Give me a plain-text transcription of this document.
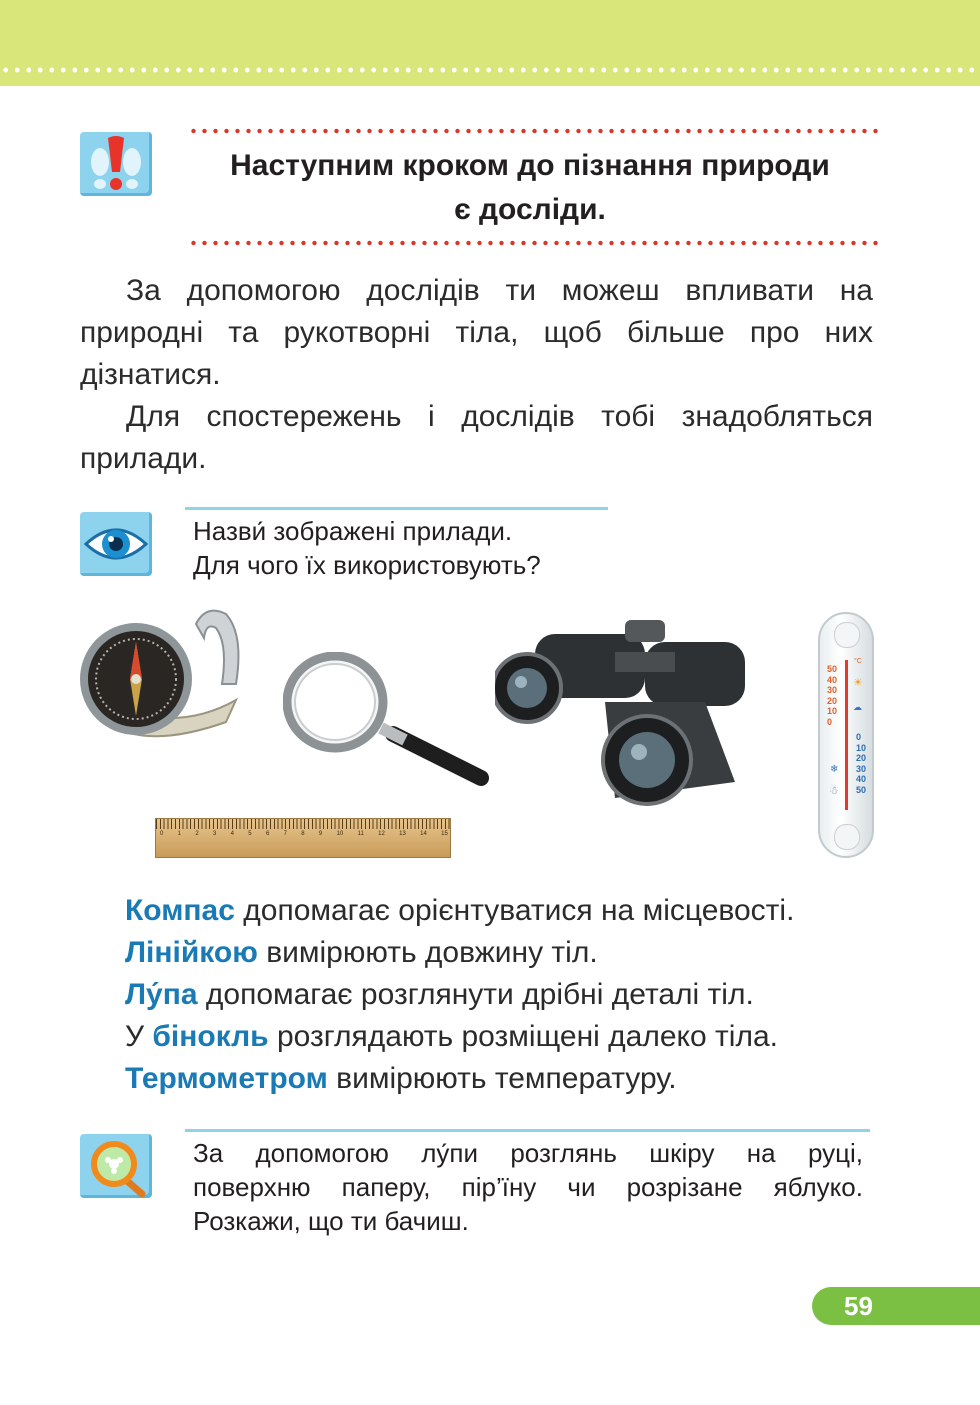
Наступним кроком до пізнання природи
є досліди.
За допомогою дослідів ти можеш впливати на природні та рукотворні тіла, щоб більше про них дізнатися.
Для спостережень і дослідів тобі знадобляться прилади.
Назви́ зображені прилади.
Для чого їх використовують?
0 1 2 3 4 5 6 7 8 9 10 11 12 13 14 15
50
40
30
20
10
0
°C
☀
☁
0
10
20
30
40
50
❄
☃
Компас допомагає орієнтуватися на місцевості.
Лінійкою вимірюють довжину тіл.
Лу́па допомагає розглянути дрібні деталі тіл.
У бінокль розглядають розміщені далеко тіла.
Термометром вимірюють температуру.
За допомогою лу́пи розглянь шкіру на руці,
поверхню паперу, пір’їну чи розрізане яблуко.
Розкажи, що ти бачиш.
59
